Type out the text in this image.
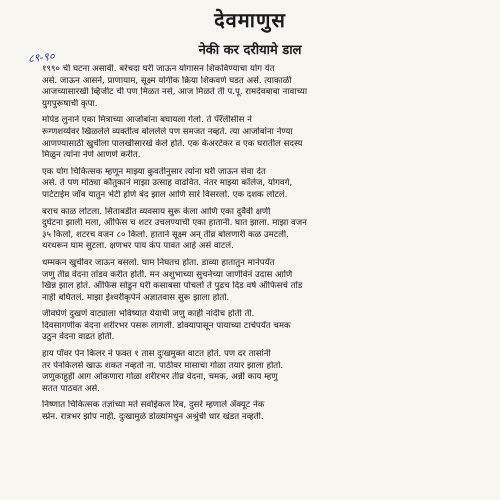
देवमाणुस
८९-९०	नेकी कर दरीयामे डाल

१९९० ची घटना असावी. बरेचदा घरी जाऊन योगासन शिकविण्याचा योग येत
असे. जाऊन आसने, प्राणायाम, सूक्ष्म योगीक क्रिया शिकवणे घडत असे. त्याकाळी
आजच्यासारखी व्हिजीट ची पण मिळत नसे, आज मिळते ती प.पू. रामदेवबाबा नावाच्या
युगपुरूषाची कृपा.

मोपेड लुनाने एका मित्राच्या आजोबांना बघायला गेलो. ते पॅरॅलीसीस ने
रूग्णशय्येवर खिळलेले व्यक्तीत्व बोललेले पण समजत नव्हते. त्या आजोबांना नेण्या
आणण्यासाठी खुर्चीला पालखीसारखे केले होते. एक केअरटेकर व एक घरातील सदस्य
मिळुन त्यांना नेणे आणणे करीत.

एक योग चिकित्सक म्हणून माझ्या कुवतीनुसार त्यांना घरी जाऊन सेवा देत
असे. ते पण मोठ्या कौतुकानं माझा उत्साह वाढवित. नंतर माझ्या कॉलेज, योगवर्ग,
पार्टटाईम जॉब यातुन भेटी होणे बंद झाल आणि सारं विसरलो. एक दशक लोटलं.

बराच काळ लोटला. सिताबर्डीत व्यवसाय सुरू केला आणि एका दुर्वैवी क्षणी
दुर्घटना झाली मला, ऑफिस च शटर उचलण्याची एका हातानी. घात झाला. माझा वजन
३५ किलो, शटरच वजन ८० किलो. हाताने सूक्ष्म अन् तीव्र बोलणारी कळ उमटली.
थरथरून घाम सुटला. क्षणभर पाय कंप पावत आहे असं वाटलं.

धम्मकन खुर्चीवर जाऊन बसलो. घाम निघतच होता. डाव्या हातातुन मानेपर्यंत
जणु तीव्र वेदना तांडव करीत होती. मन अशुभाच्या सुचनेच्या जाणीवेनं उदास आणि
खिन्न झाल होतं. ऑफिस सोडुन घरी कसाबसा पोचलो ते पुढच दिड वर्ष ऑफिसचं तोंड
नाही बघितलं. माझा ईश्वरीकृपेनं अज्ञातवास सुरू झाला होतो.

जीवघेणं दुखणं वाट्याला भविष्यात येयाची जणु काही नांदीच होती ती.
दिवसागणीक वेदना शरीरभर पसरू लागली. डोक्यापासून पायाच्या टाचेपर्यंत चमक
उठुन वेदना वाढत होती.

हाय पॉवर पेन किलर ने फक्त १ तास दुःखमुक्त वाटत होतं. पण दर तासांनी
तर पेनकिलर्स खाऊ शकत नव्हतो ना. पाठीवर मासाचा गोळा तयार झाला होतो.
जणुकाहुही आग ओकणारा गोळा शरीरभर तीव्र वेदना, चमक, अन्नी काय म्हणु
सतत पाठवत असे.

निष्णात चिकित्सक तज्ञांच्या मते सर्वाईकल रिब, दुसरे म्हणाले ॲक्यूट नेक
स्प्रेन. रात्रभर झोप नाही. दुःखामुळे डोळ्यांमधुन अश्रुंची धार खंडत नव्हती.
